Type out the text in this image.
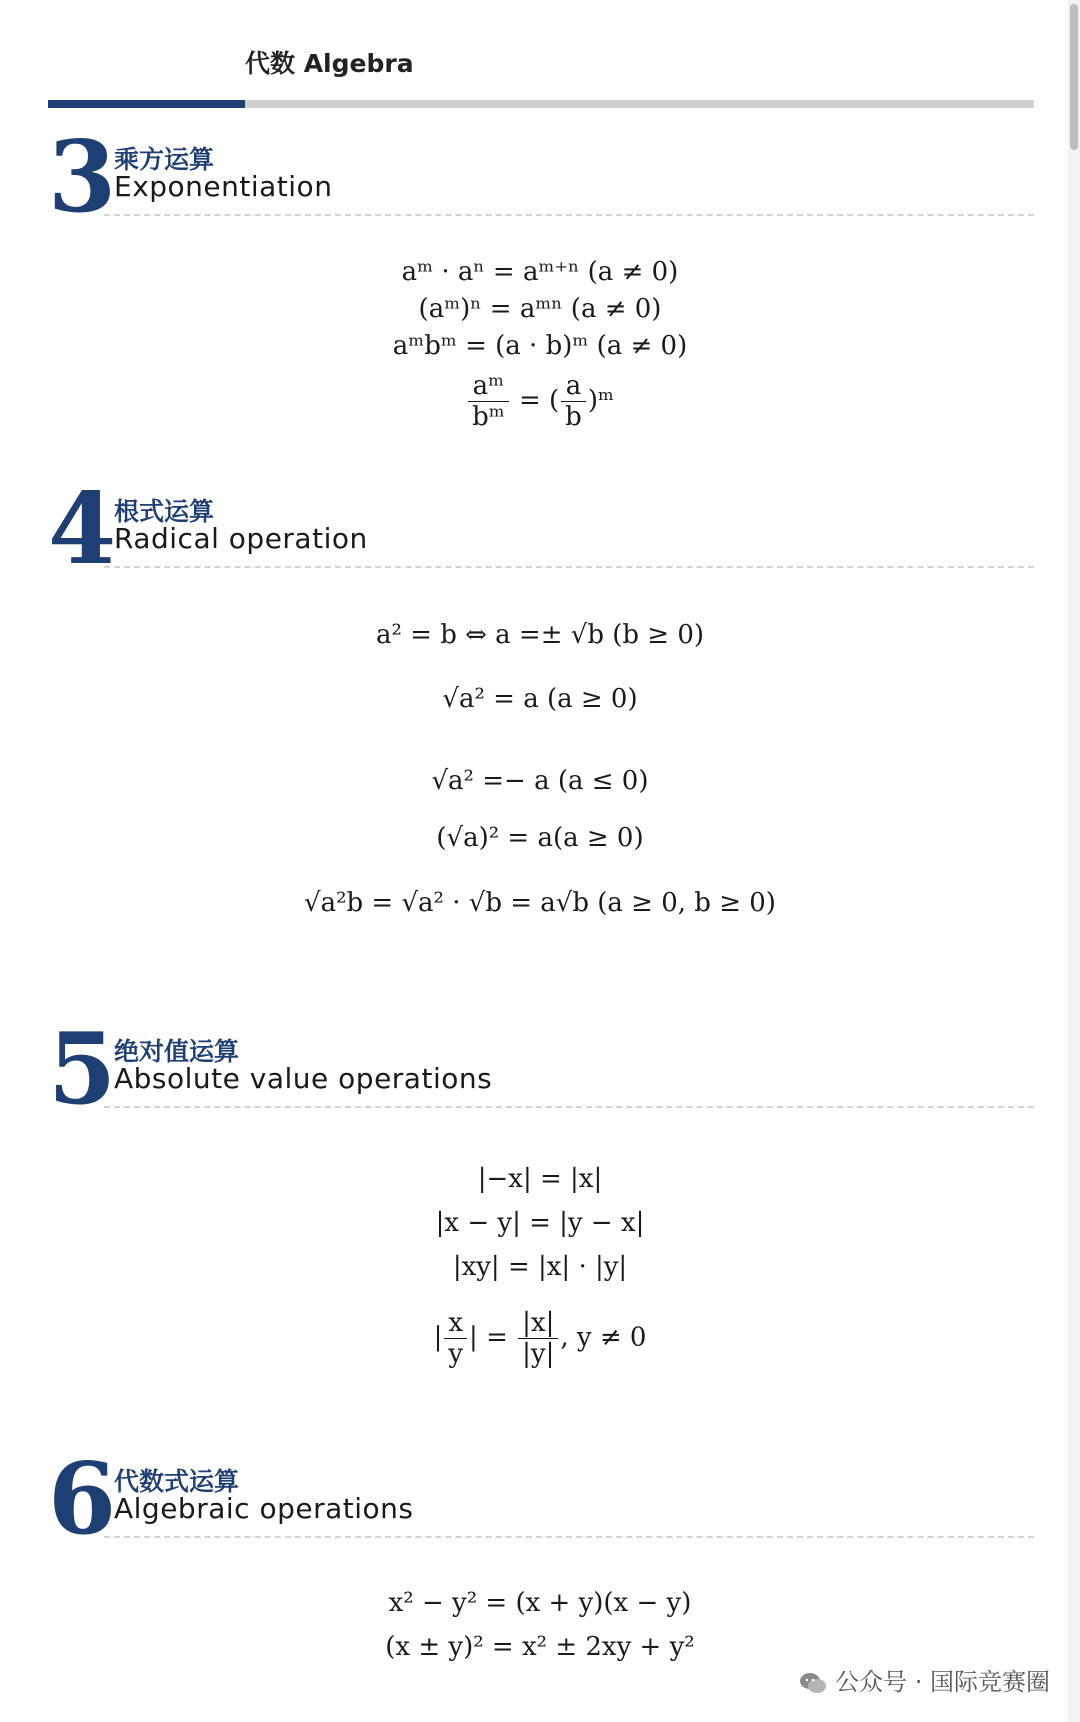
代数 Algebra
3
乘方运算
Exponentiation
aᵐ · aⁿ = aᵐ⁺ⁿ (a ≠ 0)
(aᵐ)ⁿ = aᵐⁿ (a ≠ 0)
aᵐbᵐ = (a · b)ᵐ (a ≠ 0)
$\frac{\text{aᵐ}}{\text{bᵐ}}$ = ( $\frac{a}{b}$ )ᵐ
4
根式运算
Radical operation
a² = b ⇔ a =± √b (b ≥ 0)
√a² = a (a ≥ 0)
√a² =− a (a ≤ 0)
(√a)² = a(a ≥ 0)
√a²b = √a² · √b = a√b (a ≥ 0, b ≥ 0)
5
绝对值运算
Absolute value operations
|−x| = |x|
|x − y| = |y − x|
|xy| = |x| · |y|
| $\frac{x}{y}$ | = $\frac{|x|}{|y|}$ , y ≠ 0
6
代数式运算
Algebraic operations
x² − y² = (x + y)(x − y)
(x ± y)² = x² ± 2xy + y²
公众号 · 国际竞赛圈
